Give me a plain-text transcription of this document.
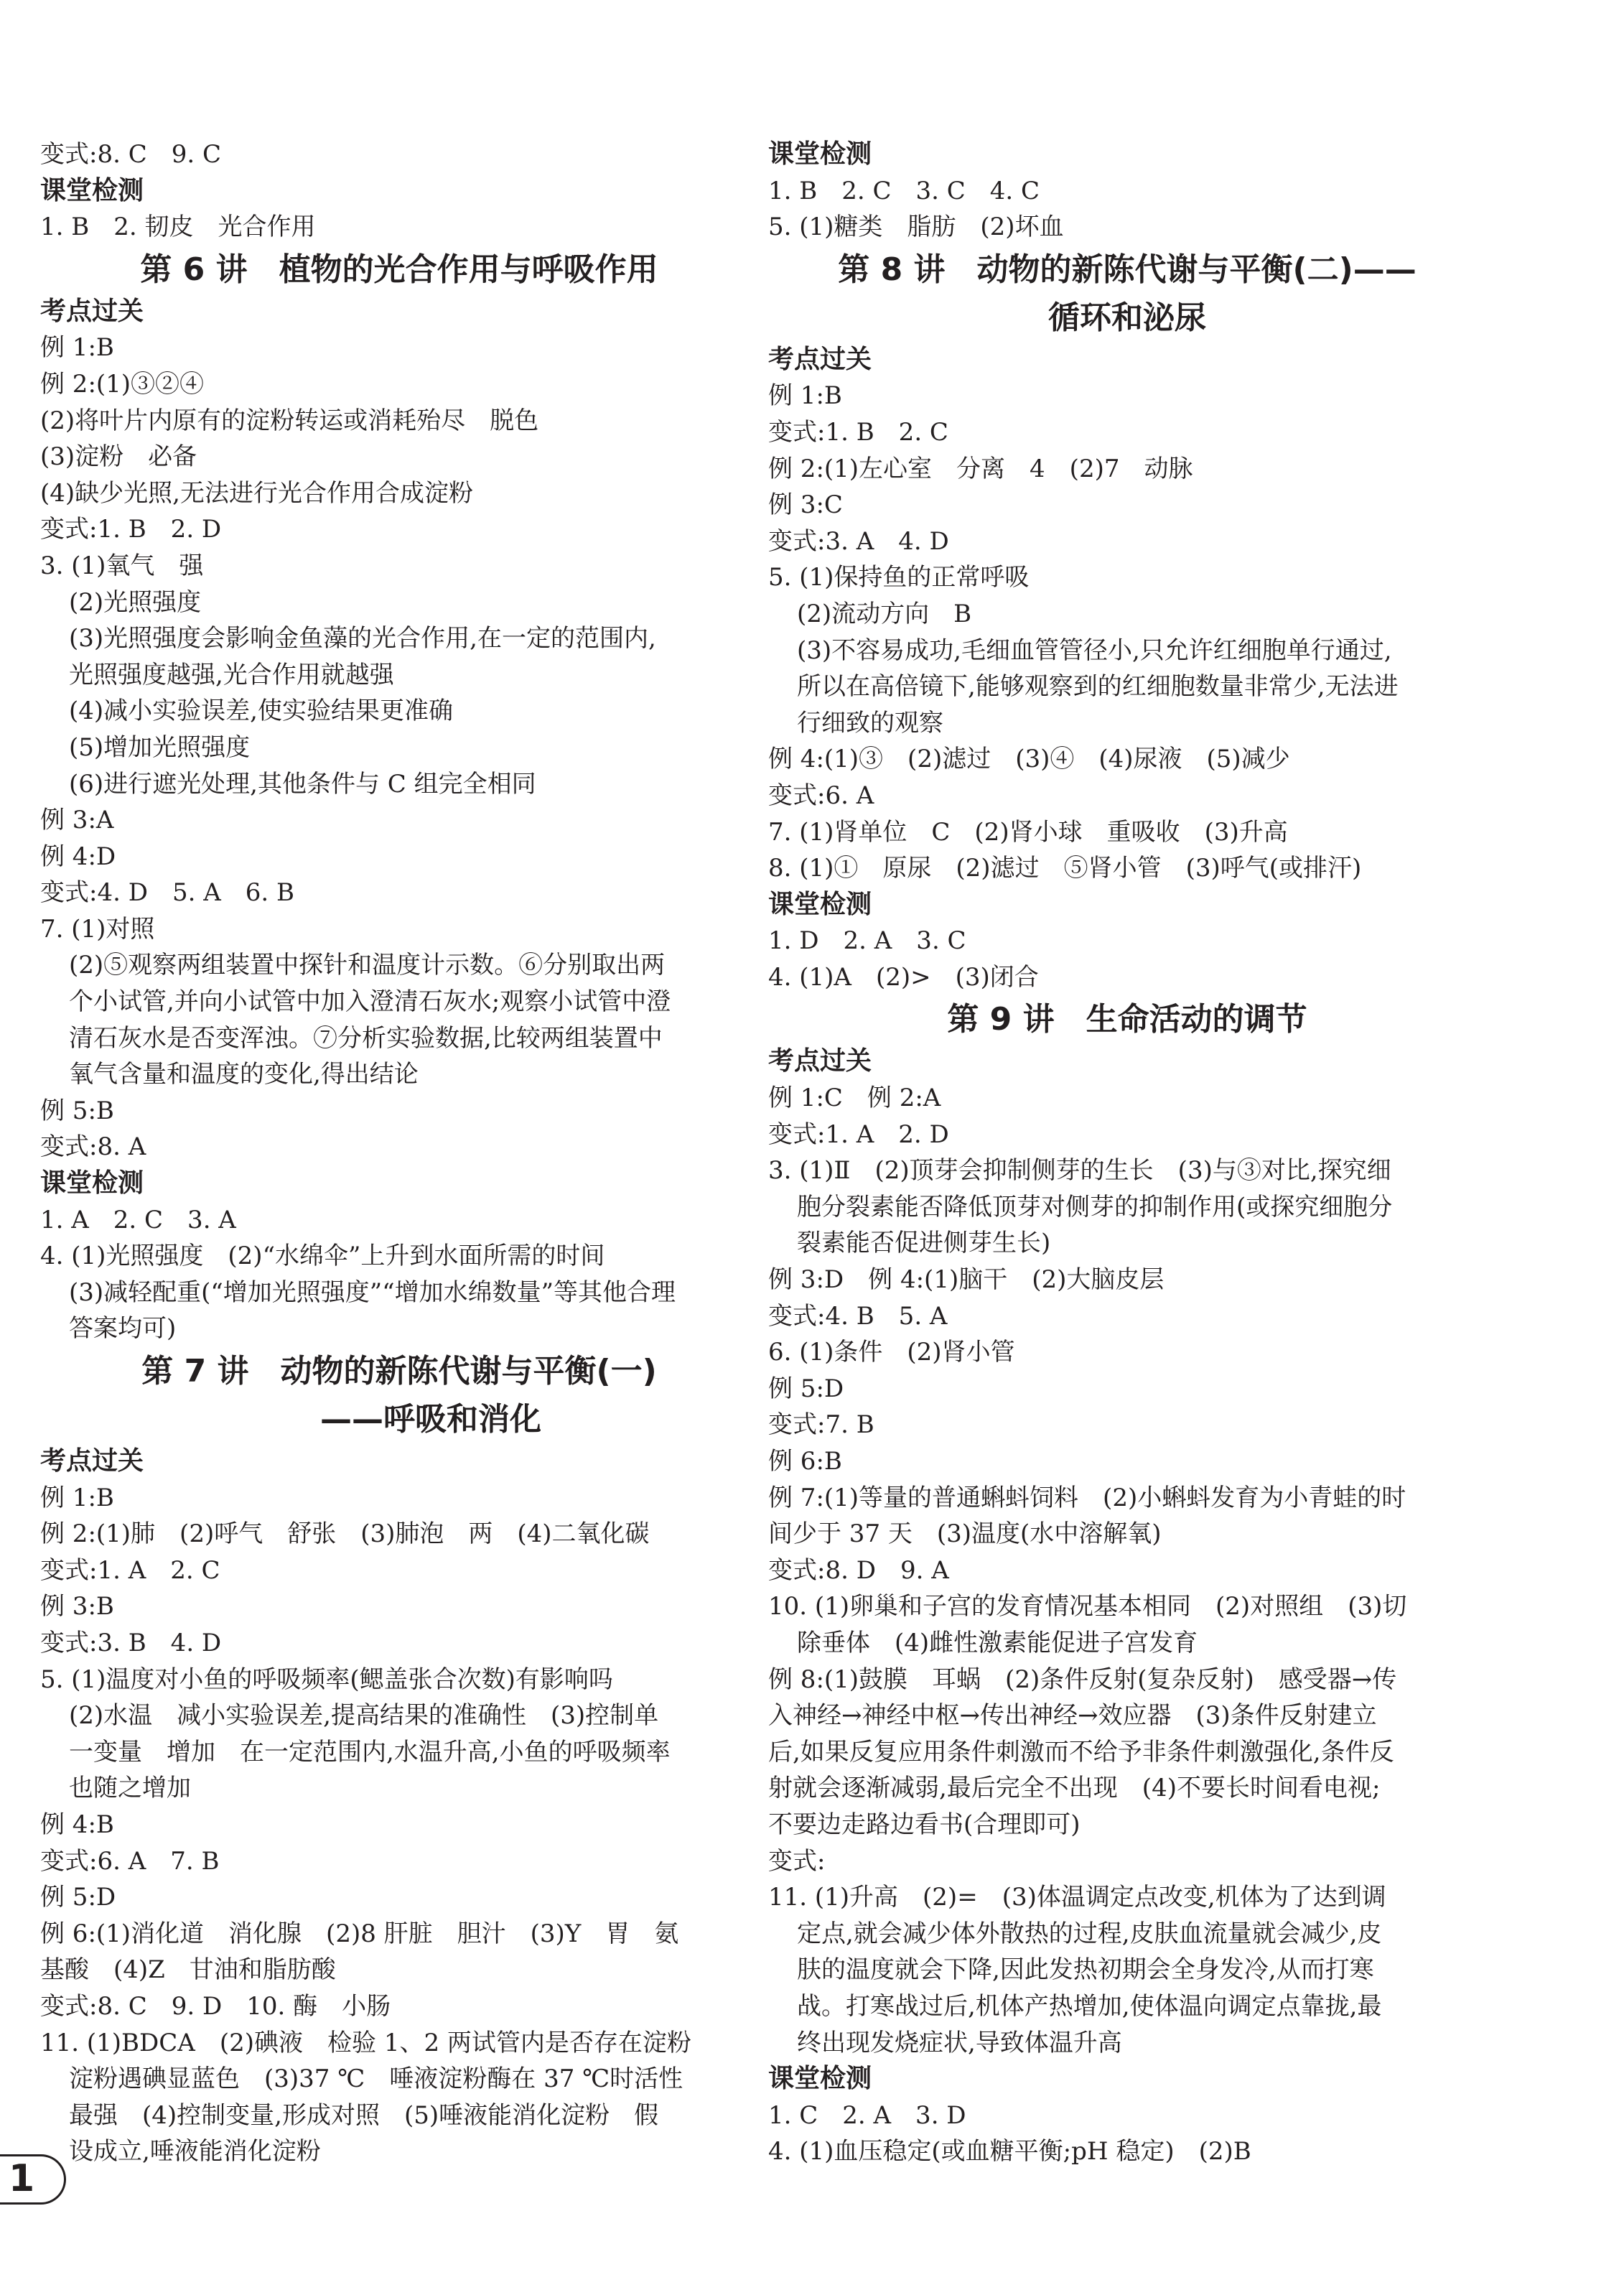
变式:8. C　9. C
课堂检测
1. B　2. 韧皮　光合作用
第 6 讲　植物的光合作用与呼吸作用
考点过关
例 1:B
例 2:(1)③②④
(2)将叶片内原有的淀粉转运或消耗殆尽　脱色
(3)淀粉　必备
(4)缺少光照,无法进行光合作用合成淀粉
变式:1. B　2. D
3. (1)氧气　强
(2)光照强度
(3)光照强度会影响金鱼藻的光合作用,在一定的范围内,
光照强度越强,光合作用就越强
(4)减小实验误差,使实验结果更准确
(5)增加光照强度
(6)进行遮光处理,其他条件与 C 组完全相同
例 3:A
例 4:D
变式:4. D　5. A　6. B
7. (1)对照
(2)⑤观察两组装置中探针和温度计示数。⑥分别取出两
个小试管,并向小试管中加入澄清石灰水;观察小试管中澄
清石灰水是否变浑浊。⑦分析实验数据,比较两组装置中
氧气含量和温度的变化,得出结论
例 5:B
变式:8. A
课堂检测
1. A　2. C　3. A
4. (1)光照强度　(2)“水绵伞”上升到水面所需的时间
(3)减轻配重(“增加光照强度”“增加水绵数量”等其他合理
答案均可)
第 7 讲　动物的新陈代谢与平衡(一)
　　——呼吸和消化
考点过关
例 1:B
例 2:(1)肺　(2)呼气　舒张　(3)肺泡　两　(4)二氧化碳
变式:1. A　2. C
例 3:B
变式:3. B　4. D
5. (1)温度对小鱼的呼吸频率(鳃盖张合次数)有影响吗
(2)水温　减小实验误差,提高结果的准确性　(3)控制单
一变量　增加　在一定范围内,水温升高,小鱼的呼吸频率
也随之增加
例 4:B
变式:6. A　7. B
例 5:D
例 6:(1)消化道　消化腺　(2)8 肝脏　胆汁　(3)Y　胃　氨
基酸　(4)Z　甘油和脂肪酸
变式:8. C　9. D　10. 酶　小肠
11. (1)BDCA　(2)碘液　检验 1、2 两试管内是否存在淀粉
淀粉遇碘显蓝色　(3)37 ℃　唾液淀粉酶在 37 ℃时活性
最强　(4)控制变量,形成对照　(5)唾液能消化淀粉　假
设成立,唾液能消化淀粉
课堂检测
1. B　2. C　3. C　4. C
5. (1)糖类　脂肪　(2)坏血
第 8 讲　动物的新陈代谢与平衡(二)——
循环和泌尿
考点过关
例 1:B
变式:1. B　2. C
例 2:(1)左心室　分离　4　(2)7　动脉
例 3:C
变式:3. A　4. D
5. (1)保持鱼的正常呼吸
(2)流动方向　B
(3)不容易成功,毛细血管管径小,只允许红细胞单行通过,
所以在高倍镜下,能够观察到的红细胞数量非常少,无法进
行细致的观察
例 4:(1)③　(2)滤过　(3)④　(4)尿液　(5)减少
变式:6. A
7. (1)肾单位　C　(2)肾小球　重吸收　(3)升高
8. (1)①　原尿　(2)滤过　⑤肾小管　(3)呼气(或排汗)
课堂检测
1. D　2. A　3. C
4. (1)A　(2)>　(3)闭合
第 9 讲　生命活动的调节
考点过关
例 1:C　例 2:A
变式:1. A　2. D
3. (1)Ⅱ　(2)顶芽会抑制侧芽的生长　(3)与③对比,探究细
胞分裂素能否降低顶芽对侧芽的抑制作用(或探究细胞分
裂素能否促进侧芽生长)
例 3:D　例 4:(1)脑干　(2)大脑皮层
变式:4. B　5. A
6. (1)条件　(2)肾小管
例 5:D
变式:7. B
例 6:B
例 7:(1)等量的普通蝌蚪饲料　(2)小蝌蚪发育为小青蛙的时
间少于 37 天　(3)温度(水中溶解氧)
变式:8. D　9. A
10. (1)卵巢和子宫的发育情况基本相同　(2)对照组　(3)切
除垂体　(4)雌性激素能促进子宫发育
例 8:(1)鼓膜　耳蜗　(2)条件反射(复杂反射)　感受器→传
入神经→神经中枢→传出神经→效应器　(3)条件反射建立
后,如果反复应用条件刺激而不给予非条件刺激强化,条件反
射就会逐渐减弱,最后完全不出现　(4)不要长时间看电视;
不要边走路边看书(合理即可)
变式:
11. (1)升高　(2)=　(3)体温调定点改变,机体为了达到调
定点,就会减少体外散热的过程,皮肤血流量就会减少,皮
肤的温度就会下降,因此发热初期会全身发冷,从而打寒
战。打寒战过后,机体产热增加,使体温向调定点靠拢,最
终出现发烧症状,导致体温升高
课堂检测
1. C　2. A　3. D
4. (1)血压稳定(或血糖平衡;pH 稳定)　(2)B
1
